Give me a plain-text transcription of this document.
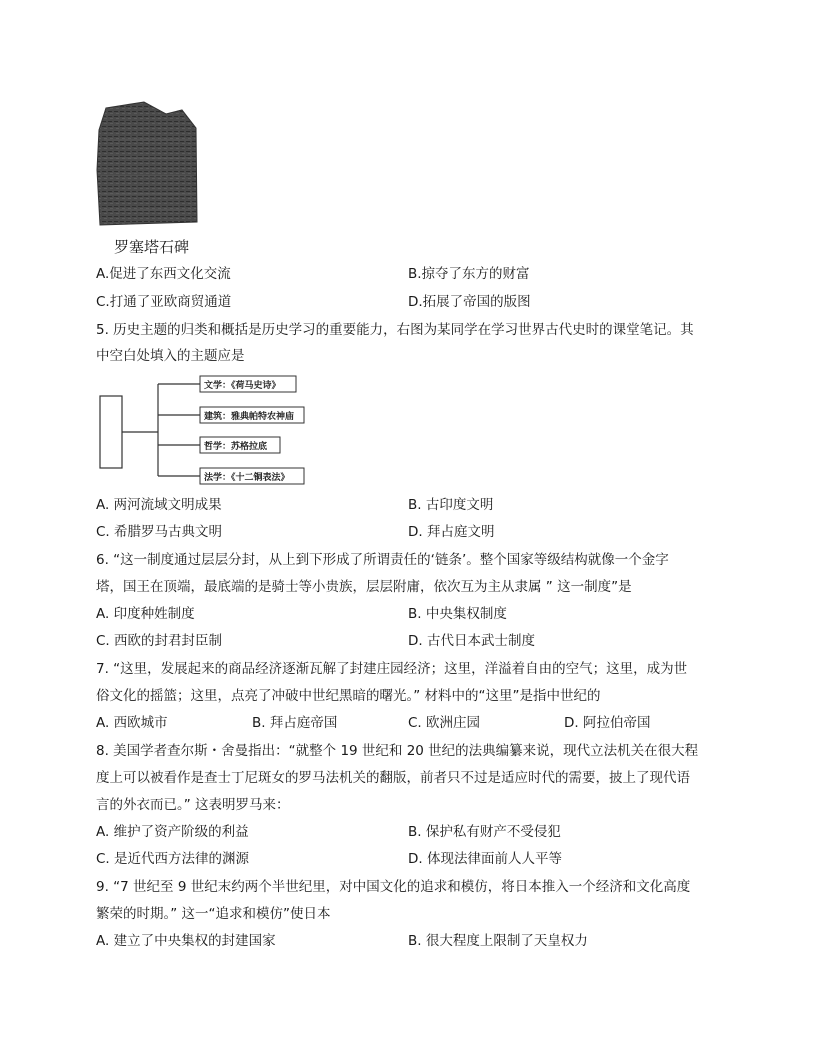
罗塞塔石碑
A.促进了东西文化交流	B.掠夺了东方的财富
C.打通了亚欧商贸通道	D.拓展了帝国的版图
5. 历史主题的归类和概括是历史学习的重要能力，右图为某同学在学习世界古代史时的课堂笔记。其
中空白处填入的主题应是
文学：《荷马史诗》
建筑：雅典帕特农神庙
哲学：苏格拉底
法学：《十二铜表法》
A. 两河流域文明成果	B. 古印度文明
C. 希腊罗马古典文明	D. 拜占庭文明
6. “这一制度通过层层分封，从上到下形成了所谓责任的‘链条’。整个国家等级结构就像一个金字
塔，国王在顶端，最底端的是骑士等小贵族，层层附庸，依次互为主从隶属 ” 这一制度”是
A. 印度种姓制度	B. 中央集权制度
C. 西欧的封君封臣制	D. 古代日本武士制度
7. “这里，发展起来的商品经济逐渐瓦解了封建庄园经济；这里，洋溢着自由的空气；这里，成为世
俗文化的摇篮；这里，点亮了冲破中世纪黑暗的曙光。” 材料中的“这里”是指中世纪的
A. 西欧城市	B. 拜占庭帝国	C. 欧洲庄园	D. 阿拉伯帝国
8. 美国学者查尔斯・舍曼指出：“就整个 19 世纪和 20 世纪的法典编纂来说，现代立法机关在很大程
度上可以被看作是查士丁尼斑女的罗马法机关的翻版，前者只不过是适应时代的需要，披上了现代语
言的外衣而已。” 这表明罗马来：
A. 维护了资产阶级的利益	B. 保护私有财产不受侵犯
C. 是近代西方法律的渊源	D. 体现法律面前人人平等
9. “7 世纪至 9 世纪末约两个半世纪里，对中国文化的追求和模仿，将日本推入一个经济和文化高度
繁荣的时期。” 这一“追求和模仿”使日本
A. 建立了中央集权的封建国家	B. 很大程度上限制了天皇权力
